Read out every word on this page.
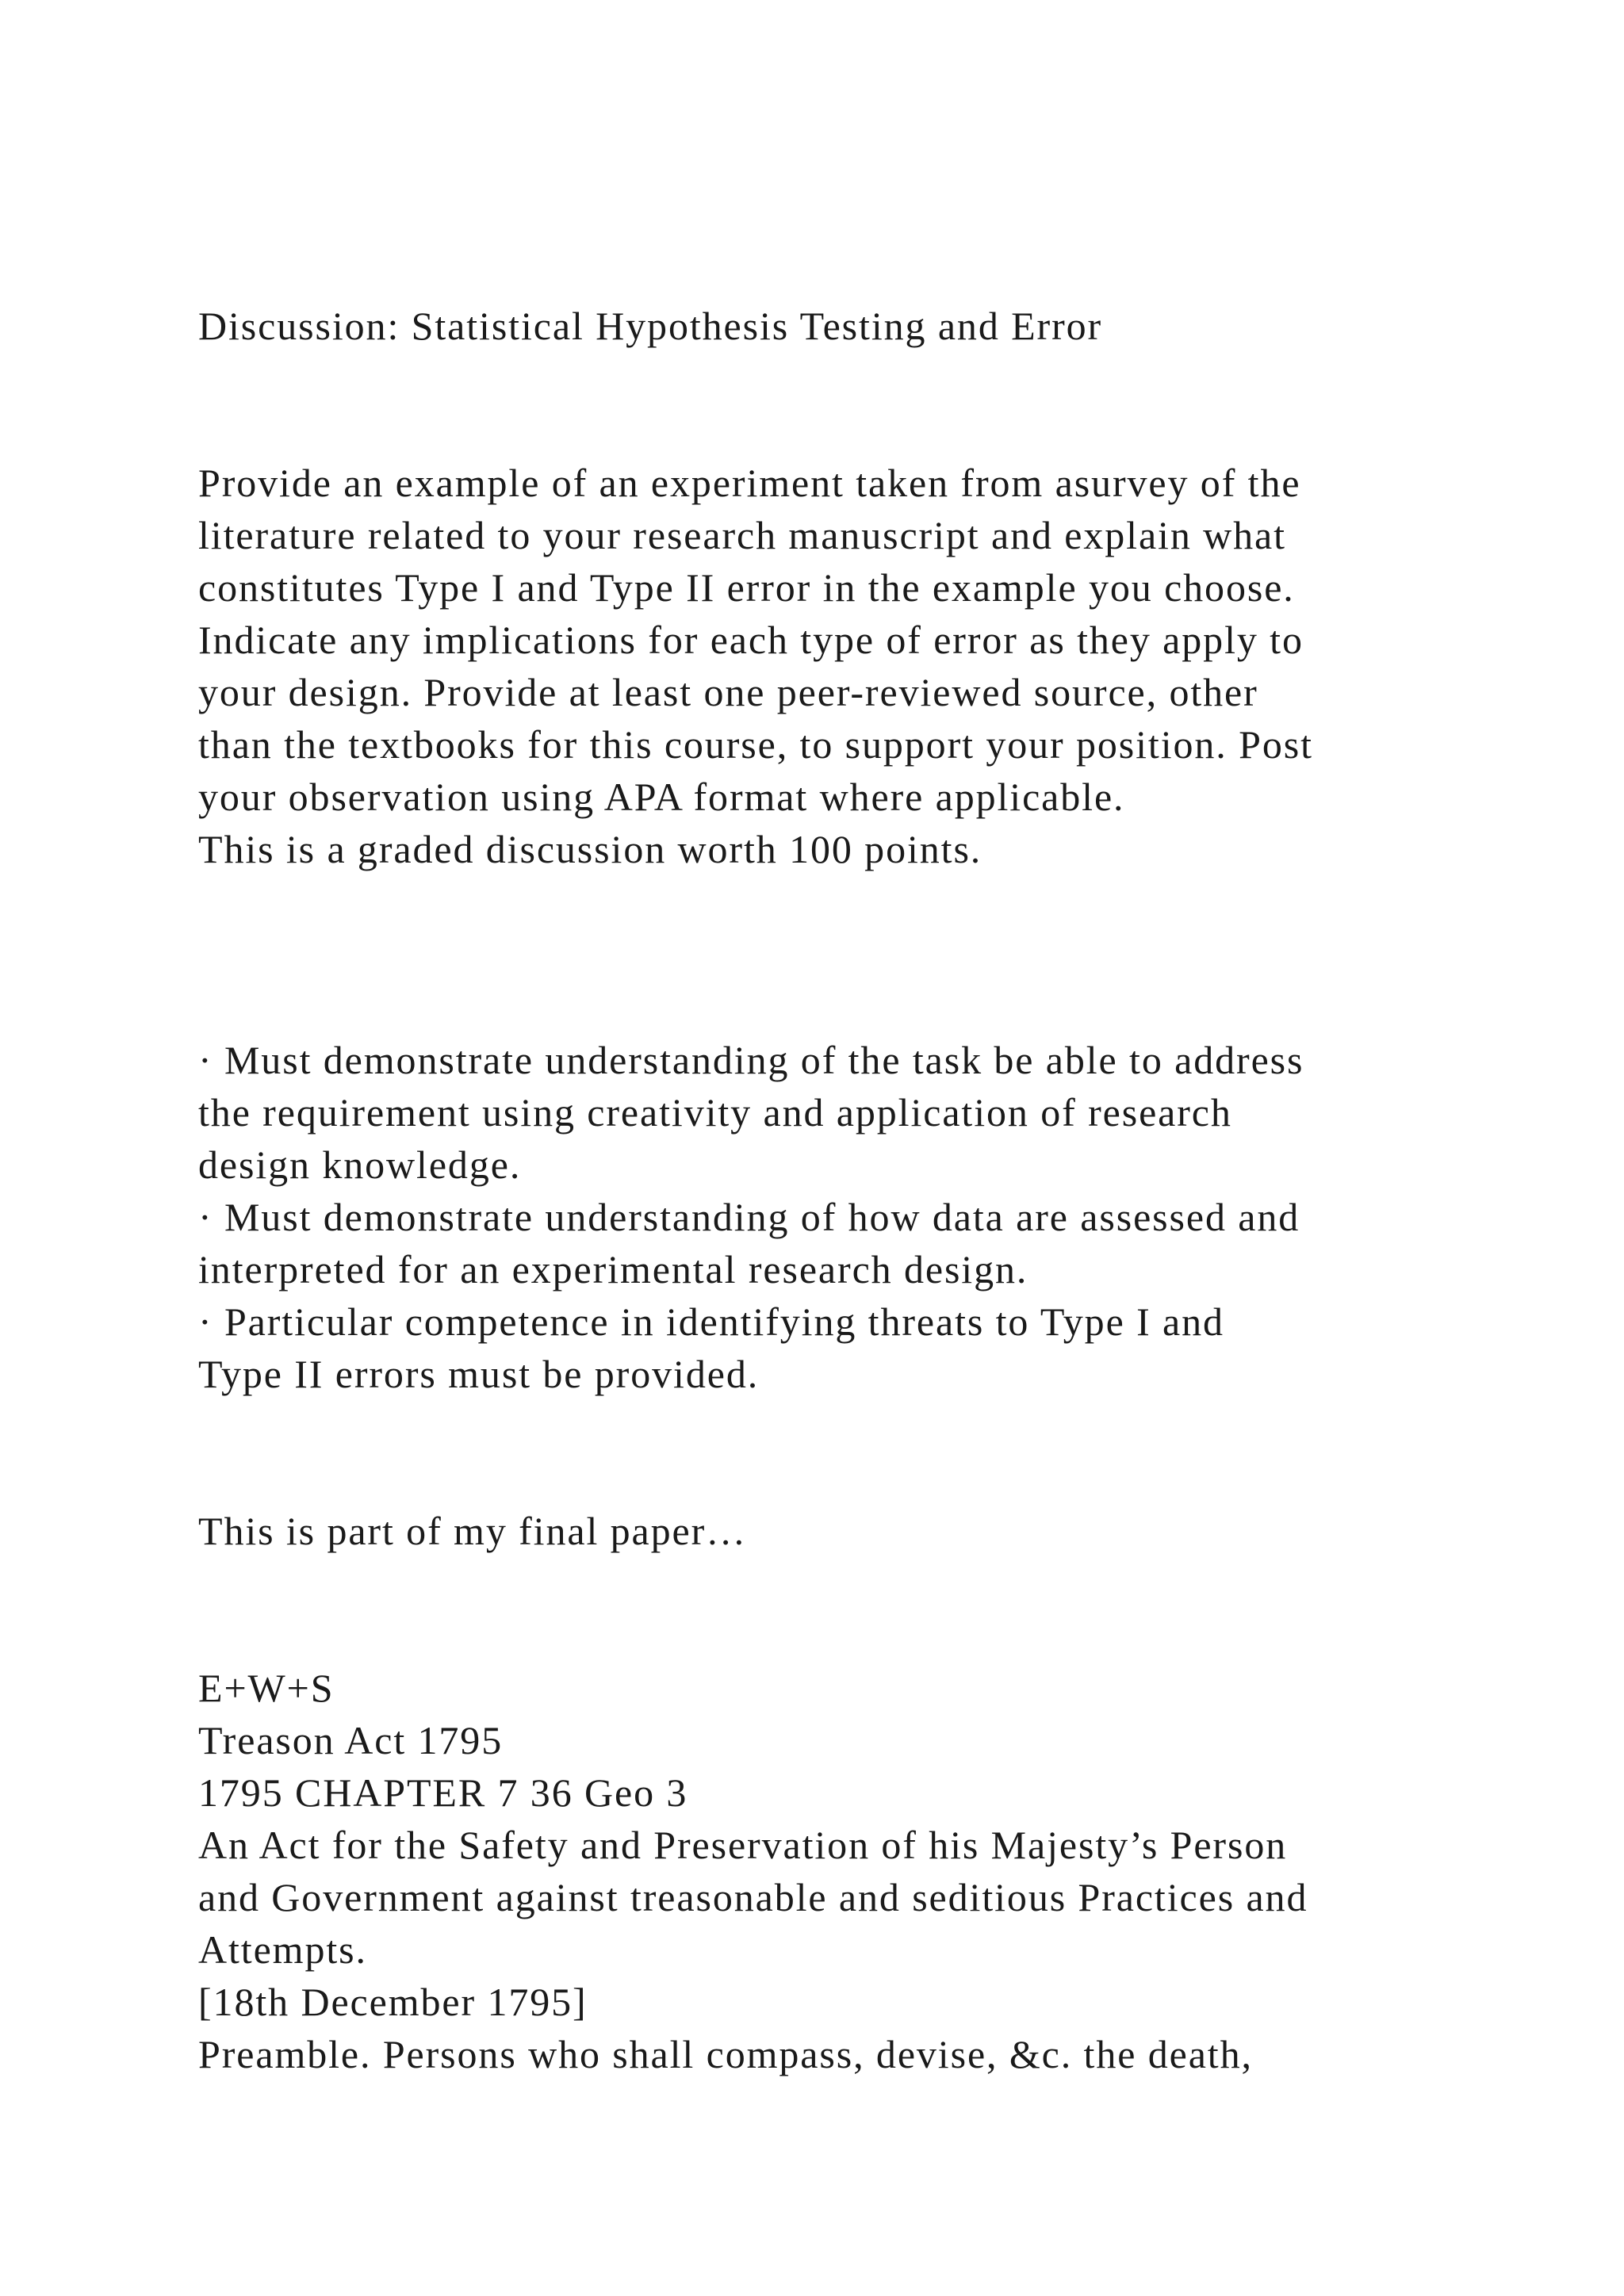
Discussion: Statistical Hypothesis Testing and Error

Provide an example of an experiment taken from asurvey of the

literature related to your research manuscript and explain what

constitutes Type I and Type II error in the example you choose.

Indicate any implications for each type of error as they apply to

your design. Provide at least one peer-reviewed source, other

than the textbooks for this course, to support your position. Post

your observation using APA format where applicable.

This is a graded discussion worth 100 points.

· Must demonstrate understanding of the task be able to address

the requirement using creativity and application of research

design knowledge.

· Must demonstrate understanding of how data are assessed and

interpreted for an experimental research design.

· Particular competence in identifying threats to Type I and

Type II errors must be provided.

This is part of my final paper…

E+W+S

Treason Act 1795

1795 CHAPTER 7 36 Geo 3

An Act for the Safety and Preservation of his Majesty’s Person

and Government against treasonable and seditious Practices and

Attempts.

[18th December 1795]

Preamble. Persons who shall compass, devise, &c. the death,
